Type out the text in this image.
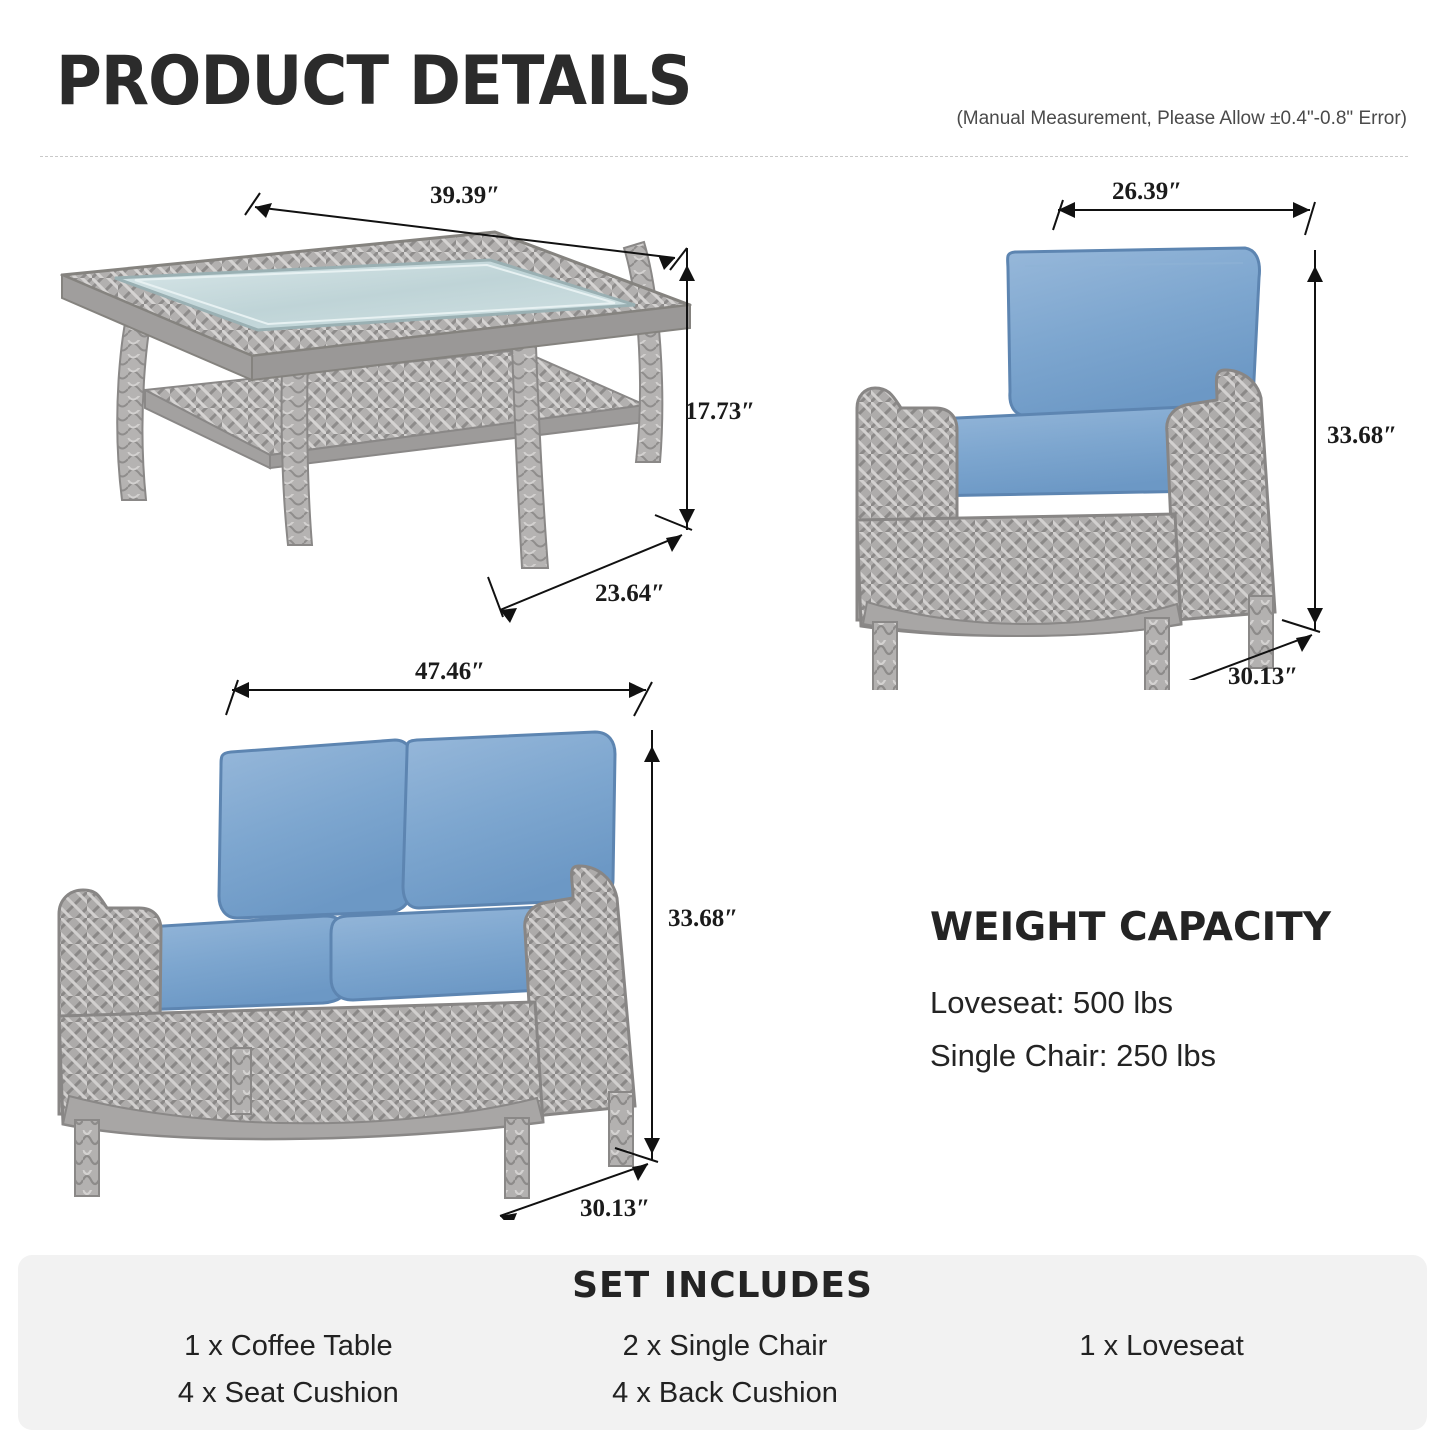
PRODUCT DETAILS	(Manual Measurement, Please Allow ±0.4"-0.8" Error)
39.39″
17.73″
23.64″
26.39″
33.68″
30.13″
47.46″
33.68″
30.13″
WEIGHT CAPACITY
Loveseat: 500 lbs
Single Chair: 250 lbs
SET INCLUDES
1 x Coffee Table	2 x Single Chair	1 x Loveseat
4 x Seat Cushion	4 x Back Cushion
